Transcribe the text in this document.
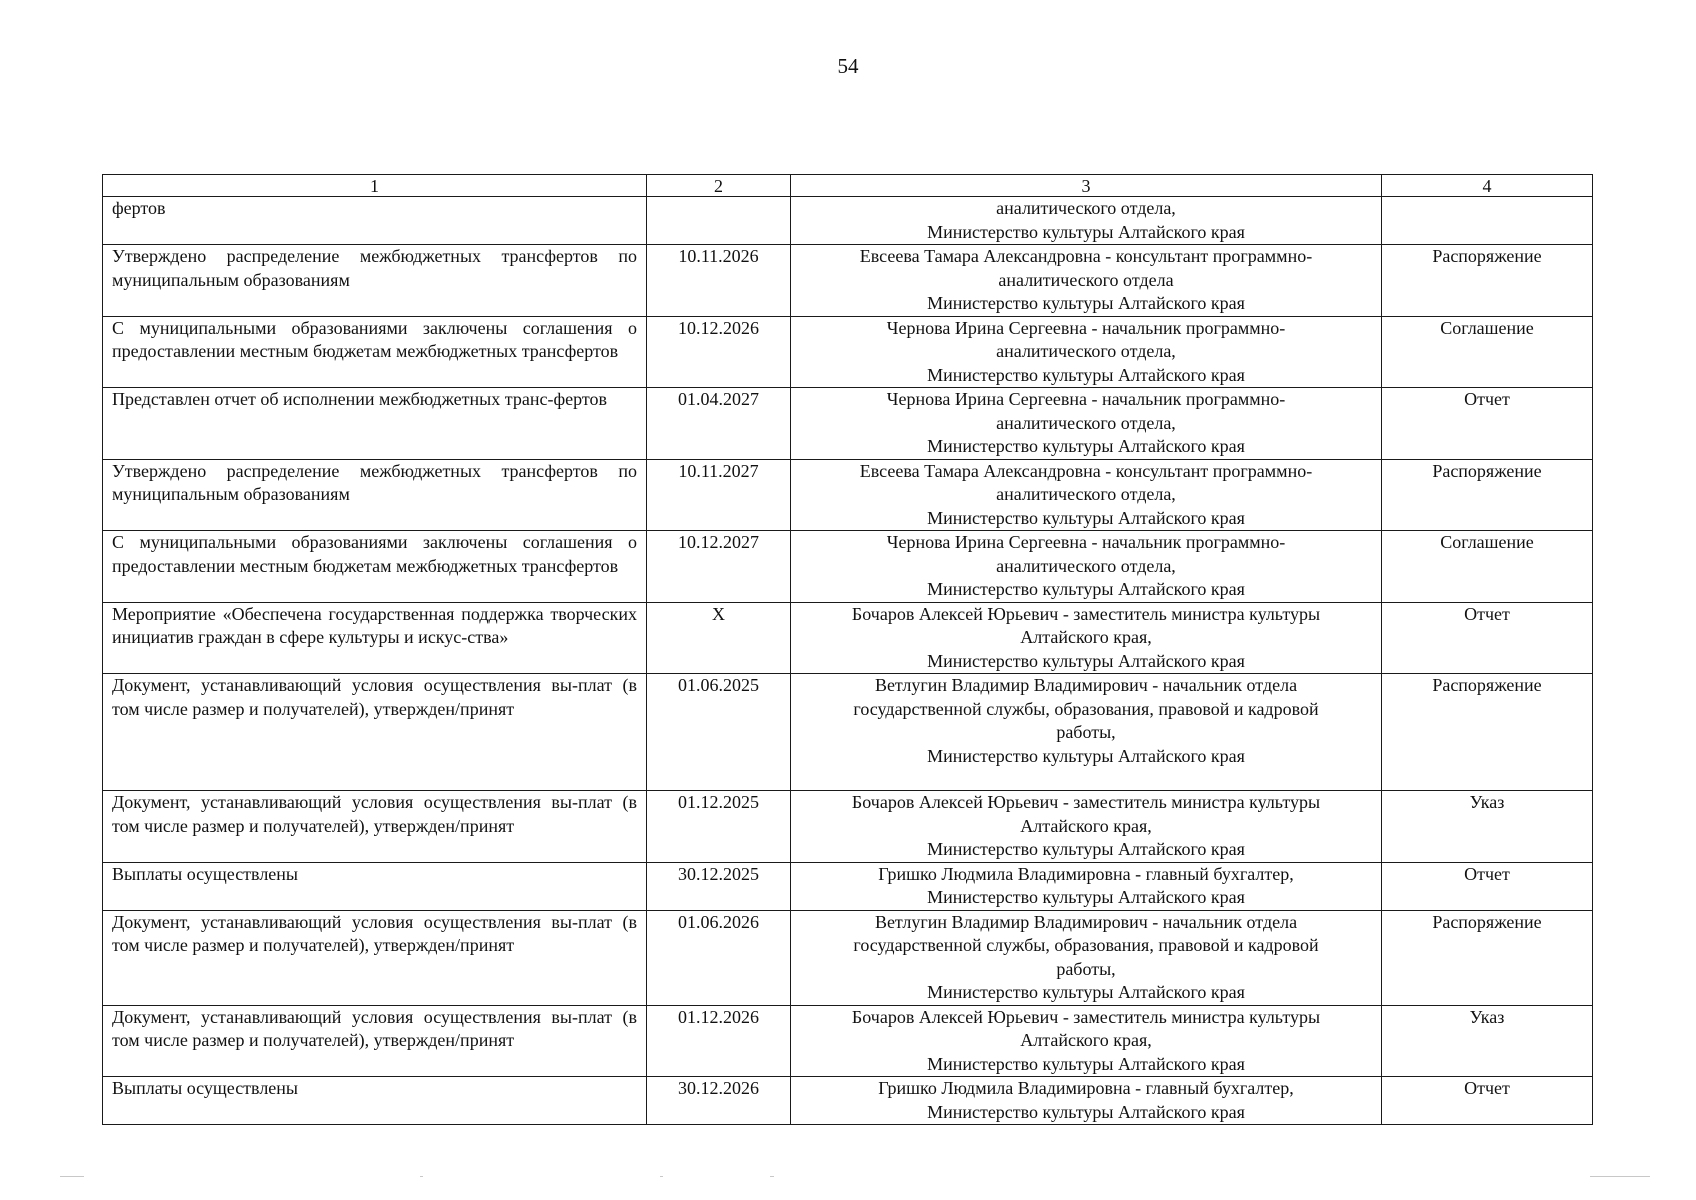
54
1	2	3	4
фертов		аналитического отдела,
Министерство культуры Алтайского края	

Утверждено распределение межбюджетных трансфертов по муниципальным образованиям	10.11.2026	Евсеева Тамара Александровна - консультант программно-
аналитического отдела
Министерство культуры Алтайского края	Распоряжение
С муниципальными образованиями заключены соглашения о предоставлении местным бюджетам межбюджетных трансфертов	10.12.2026	Чернова Ирина Сергеевна - начальник программно-
аналитического отдела,
Министерство культуры Алтайского края	Соглашение
Представлен отчет об исполнении межбюджетных транс-фертов	01.04.2027	Чернова Ирина Сергеевна - начальник программно-
аналитического отдела,
Министерство культуры Алтайского края	Отчет
Утверждено распределение межбюджетных трансфертов по муниципальным образованиям	10.11.2027	Евсеева Тамара Александровна - консультант программно-
аналитического отдела,
Министерство культуры Алтайского края	Распоряжение
С муниципальными образованиями заключены соглашения о предоставлении местным бюджетам межбюджетных трансфертов	10.12.2027	Чернова Ирина Сергеевна - начальник программно-
аналитического отдела,
Министерство культуры Алтайского края	Соглашение
Мероприятие «Обеспечена государственная поддержка творческих инициатив граждан в сфере культуры и искус-ства»	Х	Бочаров Алексей Юрьевич - заместитель министра культуры
Алтайского края,
Министерство культуры Алтайского края	Отчет
Документ, устанавливающий условия осуществления вы-плат (в том числе размер и получателей), утвержден/принят	01.06.2025	Ветлугин Владимир Владимирович - начальник отдела
государственной службы, образования, правовой и кадровой
работы,
Министерство культуры Алтайского края	Распоряжение
Документ, устанавливающий условия осуществления вы-плат (в том числе размер и получателей), утвержден/принят	01.12.2025	Бочаров Алексей Юрьевич - заместитель министра культуры
Алтайского края,
Министерство культуры Алтайского края	Указ
Выплаты осуществлены	30.12.2025	Гришко Людмила Владимировна - главный бухгалтер,
Министерство культуры Алтайского края	Отчет
Документ, устанавливающий условия осуществления вы-плат (в том числе размер и получателей), утвержден/принят	01.06.2026	Ветлугин Владимир Владимирович - начальник отдела
государственной службы, образования, правовой и кадровой
работы,
Министерство культуры Алтайского края	Распоряжение
Документ, устанавливающий условия осуществления вы-плат (в том числе размер и получателей), утвержден/принят	01.12.2026	Бочаров Алексей Юрьевич - заместитель министра культуры
Алтайского края,
Министерство культуры Алтайского края	Указ
Выплаты осуществлены	30.12.2026	Гришко Людмила Владимировна - главный бухгалтер,
Министерство культуры Алтайского края	Отчет
